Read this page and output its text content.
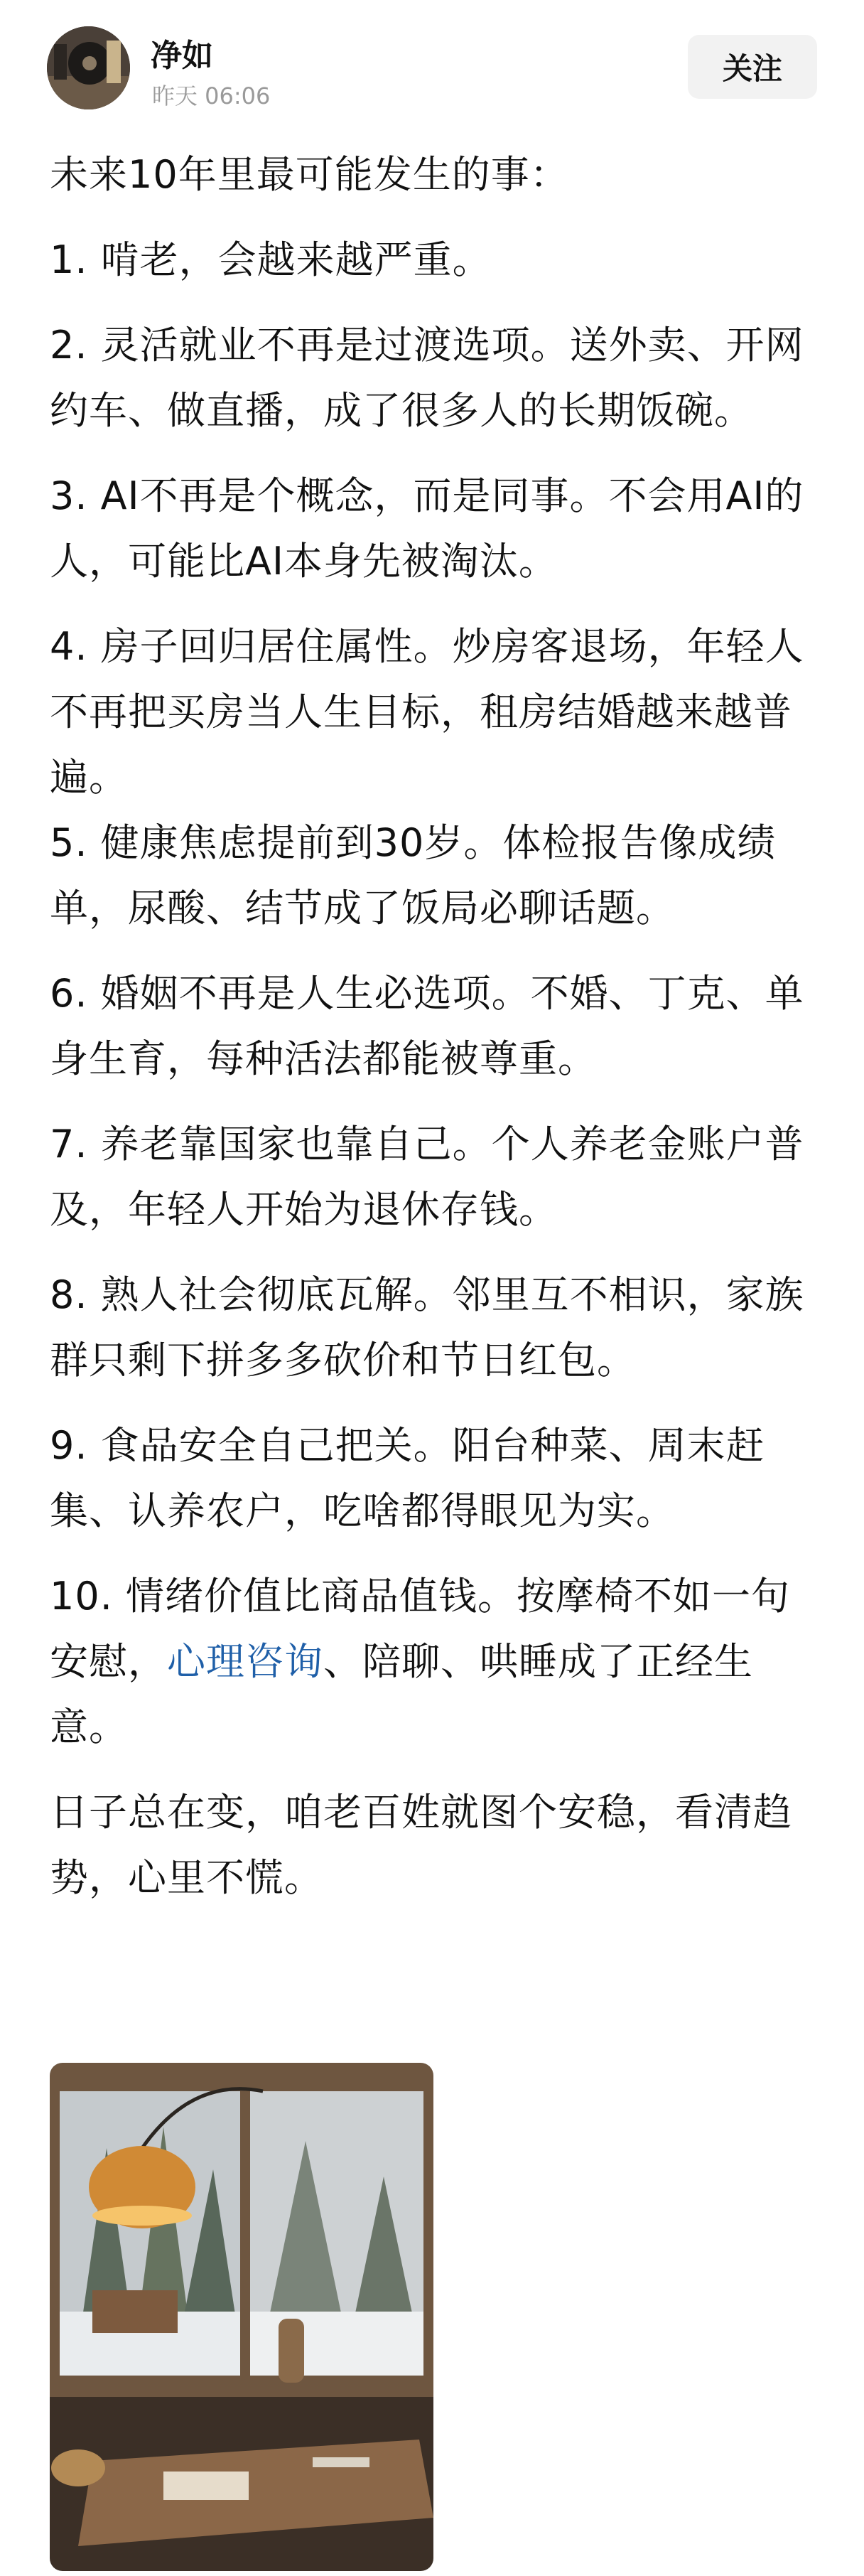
净如
昨天 06:06
关注

未来10年里最可能发生的事：

1. 啃老，会越来越严重。

2. 灵活就业不再是过渡选项。送外卖、开网约车、做直播，成了很多人的长期饭碗。

3. AI不再是个概念，而是同事。不会用AI的人，可能比AI本身先被淘汰。

4. 房子回归居住属性。炒房客退场，年轻人不再把买房当人生目标，租房结婚越来越普遍。

5. 健康焦虑提前到30岁。体检报告像成绩单，尿酸、结节成了饭局必聊话题。

6. 婚姻不再是人生必选项。不婚、丁克、单身生育，每种活法都能被尊重。

7. 养老靠国家也靠自己。个人养老金账户普及，年轻人开始为退休存钱。

8. 熟人社会彻底瓦解。邻里互不相识，家族群只剩下拼多多砍价和节日红包。

9. 食品安全自己把关。阳台种菜、周末赶集、认养农户，吃啥都得眼见为实。

10. 情绪价值比商品值钱。按摩椅不如一句安慰，心理咨询、陪聊、哄睡成了正经生意。

日子总在变，咱老百姓就图个安稳，看清趋势，心里不慌。
